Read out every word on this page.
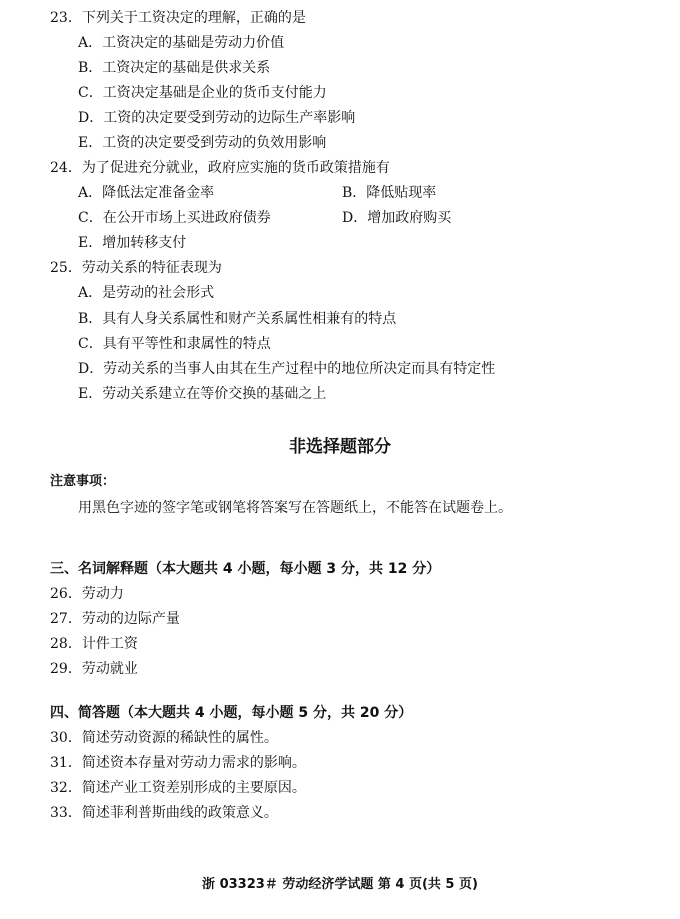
23．下列关于工资决定的理解，正确的是
A．工资决定的基础是劳动力价值
B．工资决定的基础是供求关系
C．工资决定基础是企业的货币支付能力
D．工资的决定要受到劳动的边际生产率影响
E．工资的决定要受到劳动的负效用影响
24．为了促进充分就业，政府应实施的货币政策措施有
A．降低法定准备金率	B．降低贴现率
C．在公开市场上买进政府债券	D．增加政府购买
E．增加转移支付
25．劳动关系的特征表现为
A．是劳动的社会形式
B．具有人身关系属性和财产关系属性相兼有的特点
C．具有平等性和隶属性的特点
D．劳动关系的当事人由其在生产过程中的地位所决定而具有特定性
E．劳动关系建立在等价交换的基础之上
非选择题部分
注意事项：
用黑色字迹的签字笔或钢笔将答案写在答题纸上，不能答在试题卷上。
三、名词解释题（本大题共 4 小题，每小题 3 分，共 12 分）
26．劳动力
27．劳动的边际产量
28．计件工资
29．劳动就业
四、简答题（本大题共 4 小题，每小题 5 分，共 20 分）
30．简述劳动资源的稀缺性的属性。
31．简述资本存量对劳动力需求的影响。
32．简述产业工资差别形成的主要原因。
33．简述菲利普斯曲线的政策意义。
浙 03323＃ 劳动经济学试题 第 4 页(共 5 页)
